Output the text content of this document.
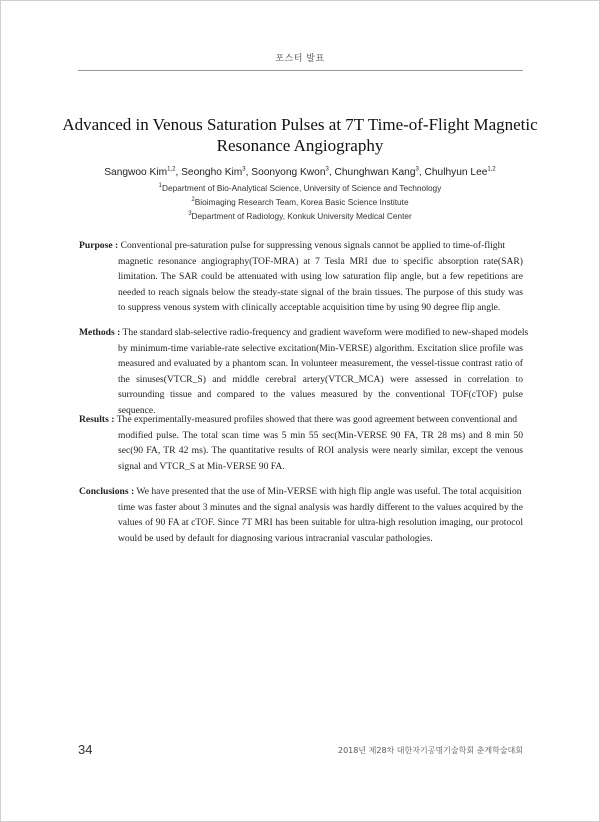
포스터 발표
Advanced in Venous Saturation Pulses at 7T Time-of-Flight Magnetic
Resonance Angiography
Sangwoo Kim$^{1,2}$, Seongho Kim$^3$, Soonyong Kwon$^3$, Chunghwan Kang$^3$, Chulhyun Lee$^{1,2}$
$^1$Department of Bio-Analytical Science, University of Science and Technology
$^2$Bioimaging Research Team, Korea Basic Science Institute
$^3$Department of Radiology, Konkuk University Medical Center
Purpose : Conventional pre-saturation pulse for suppressing venous signals cannot be applied to time-of-flight
magnetic resonance angiography(TOF-MRA) at 7 Tesla MRI due to specific absorption rate(SAR) limitation. The SAR could be attenuated with using low saturation flip angle, but a few repetitions are needed to reach signals below the steady-state signal of the brain tissues. The purpose of this study was to suppress venous system with clinically acceptable acquisition time by using 90 degree flip angle.
Methods : The standard slab-selective radio-frequency and gradient waveform were modified to new-shaped models
by minimum-time variable-rate selective excitation(Min-VERSE) algorithm. Excitation slice profile was measured and evaluated by a phantom scan. In volunteer measurement, the vessel-tissue contrast ratio of the sinuses(VTCR_S) and middle cerebral artery(VTCR_MCA) were assessed in correlation to surrounding tissue and compared to the values measured by the conventional TOF(cTOF) pulse sequence.
Results : The experimentally-measured profiles showed that there was good agreement between conventional and
modified pulse. The total scan time was 5 min 55 sec(Min-VERSE 90 FA, TR 28 ms) and 8 min 50 sec(90 FA, TR 42 ms). The quantitative results of ROI analysis were nearly similar, except the venous signal and VTCR_S at Min-VERSE 90 FA.
Conclusions : We have presented that the use of Min-VERSE with high flip angle was useful. The total acquisition
time was faster about 3 minutes and the signal analysis was hardly different to the values acquired by the values of 90 FA at cTOF. Since 7T MRI has been suitable for ultra-high resolution imaging, our protocol would be used by default for diagnosing various intracranial vascular pathologies.
34	2018년 제28차 대한자기공명기술학회 춘계학술대회
